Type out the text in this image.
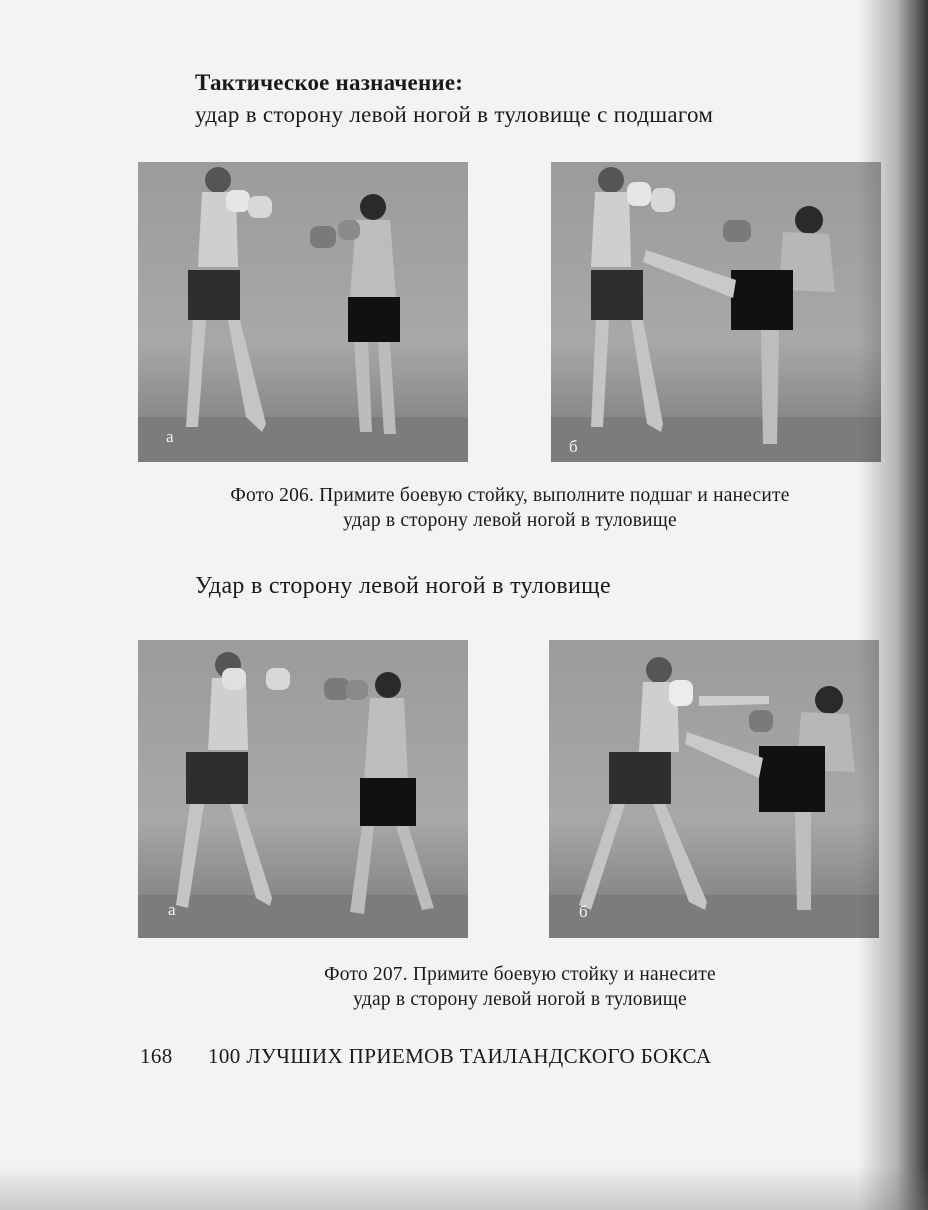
Тактическое назначение:
удар в сторону левой ногой в туловище с подшагом
а
б
Фото 206. Примите боевую стойку, выполните подшаг и нанесите
удар в сторону левой ногой в туловище
Удар в сторону левой ногой в туловище
а	б
Фото 207. Примите боевую стойку и нанесите
удар в сторону левой ногой в туловище
168 100 ЛУЧШИХ ПРИЕМОВ ТАИЛАНДСКОГО БОКСА
